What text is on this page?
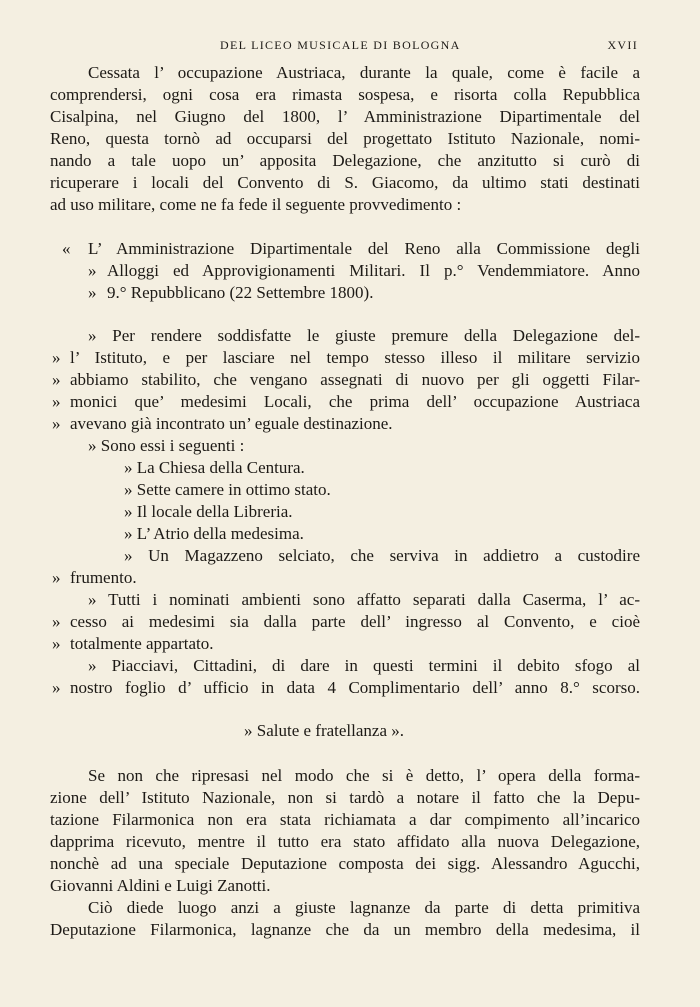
DEL LICEO MUSICALE DI BOLOGNA	XVII
Cessata l’ occupazione Austriaca, durante la quale, come è facile a
comprendersi, ogni cosa era rimasta sospesa, e risorta colla Repubblica
Cisalpina, nel Giugno del 1800, l’ Amministrazione Dipartimentale del
Reno, questa tornò ad occuparsi del progettato Istituto Nazionale, nomi-
nando a tale uopo un’ apposita Delegazione, che anzitutto si curò di
ricuperare i locali del Convento di S. Giacomo, da ultimo stati destinati
ad uso militare, come ne fa fede il seguente provvedimento :
« L’ Amministrazione Dipartimentale del Reno alla Commissione degli
» Alloggi ed Approvigionamenti Militari. Il p.° Vendemmiatore. Anno
» 9.° Repubblicano (22 Settembre 1800).
» Per rendere soddisfatte le giuste premure della Delegazione del-
» l’ Istituto, e per lasciare nel tempo stesso illeso il militare servizio
» abbiamo stabilito, che vengano assegnati di nuovo per gli oggetti Filar-
» monici que’ medesimi Locali, che prima dell’ occupazione Austriaca
» avevano già incontrato un’ eguale destinazione.
» Sono essi i seguenti :
» La Chiesa della Centura.
» Sette camere in ottimo stato.
» Il locale della Libreria.
» L’ Atrio della medesima.
» Un Magazzeno selciato, che serviva in addietro a custodire
» frumento.
» Tutti i nominati ambienti sono affatto separati dalla Caserma, l’ ac-
» cesso ai medesimi sia dalla parte dell’ ingresso al Convento, e cioè
» totalmente appartato.
» Piacciavi, Cittadini, di dare in questi termini il debito sfogo al
» nostro foglio d’ ufficio in data 4 Complimentario dell’ anno 8.° scorso.
» Salute e fratellanza ».
Se non che ripresasi nel modo che si è detto, l’ opera della forma-
zione dell’ Istituto Nazionale, non si tardò a notare il fatto che la Depu-
tazione Filarmonica non era stata richiamata a dar compimento all’incarico
dapprima ricevuto, mentre il tutto era stato affidato alla nuova Delegazione,
nonchè ad una speciale Deputazione composta dei sigg. Alessandro Agucchi,
Giovanni Aldini e Luigi Zanotti.
Ciò diede luogo anzi a giuste lagnanze da parte di detta primitiva
Deputazione Filarmonica, lagnanze che da un membro della medesima, il
